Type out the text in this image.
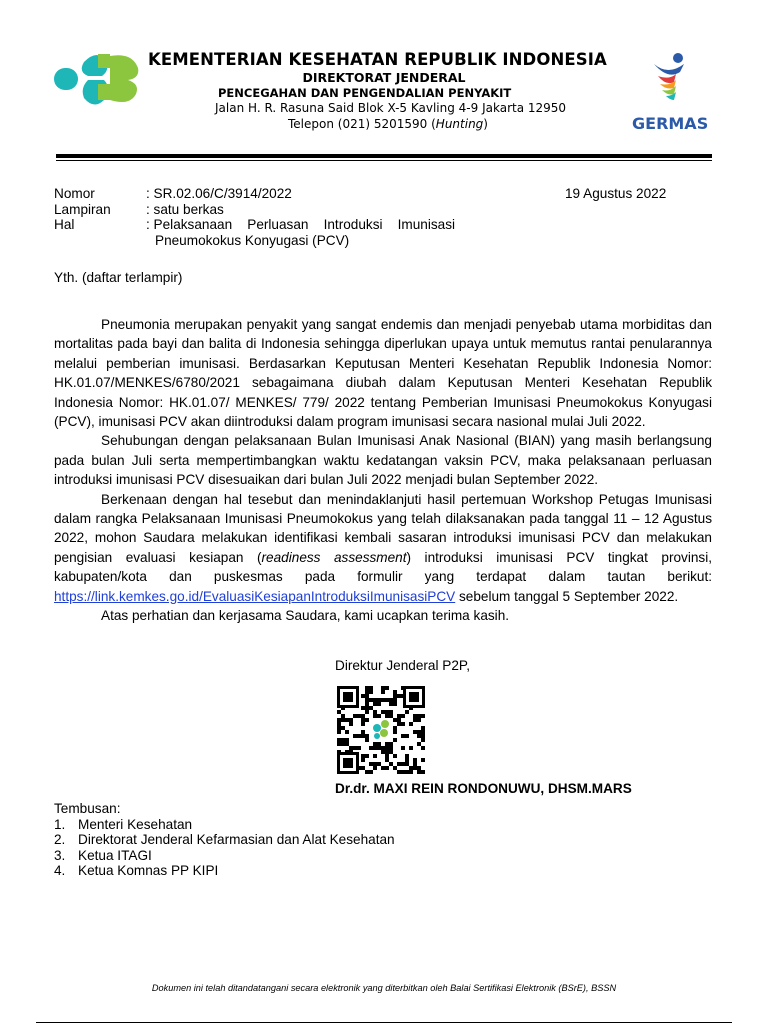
KEMENTERIAN KESEHATAN REPUBLIK INDONESIA
DIREKTORAT JENDERAL
PENCEGAHAN DAN PENGENDALIAN PENYAKIT
Jalan H. R. Rasuna Said Blok X-5 Kavling 4-9 Jakarta 12950
Telepon (021) 5201590 (Hunting)	GERMAS
Nomor	: SR.02.06/C/3914/2022	19 Agustus 2022
Lampiran	: satu berkas
Hal	: Pelaksanaan    Perluasan    Introduksi    Imunisasi
Pneumokokus Konyugasi (PCV)
Yth. (daftar terlampir)

Pneumonia merupakan penyakit yang sangat endemis dan menjadi penyebab utama morbiditas dan mortalitas pada bayi dan balita di Indonesia sehingga diperlukan upaya untuk memutus rantai penularannya melalui pemberian imunisasi. Berdasarkan Keputusan Menteri Kesehatan Republik Indonesia Nomor: HK.01.07/MENKES/6780/2021 sebagaimana diubah dalam Keputusan Menteri Kesehatan Republik Indonesia Nomor: HK.01.07/ MENKES/ 779/ 2022 tentang Pemberian Imunisasi Pneumokokus Konyugasi (PCV), imunisasi PCV akan diintroduksi dalam program imunisasi secara nasional mulai Juli 2022.

Sehubungan dengan pelaksanaan Bulan Imunisasi Anak Nasional (BIAN) yang masih berlangsung pada bulan Juli serta mempertimbangkan waktu kedatangan vaksin PCV, maka pelaksanaan perluasan introduksi imunisasi PCV disesuaikan dari bulan Juli 2022 menjadi bulan September 2022.

Berkenaan dengan hal tesebut dan menindaklanjuti hasil pertemuan Workshop Petugas Imunisasi dalam rangka Pelaksanaan Imunisasi Pneumokokus yang telah dilaksanakan pada tanggal 11 – 12 Agustus 2022, mohon Saudara melakukan identifikasi kembali sasaran introduksi imunisasi PCV dan melakukan pengisian evaluasi kesiapan (readiness assessment) introduksi imunisasi PCV tingkat provinsi, kabupaten/kota dan puskesmas pada formulir yang terdapat dalam tautan berikut: https://link.kemkes.go.id/EvaluasiKesiapanIntroduksiImunisasiPCV sebelum tanggal 5 September 2022.

Atas perhatian dan kerjasama Saudara, kami ucapkan terima kasih.

Direktur Jenderal P2P,
Dr.dr. MAXI REIN RONDONUWU, DHSM.MARS
Tembusan:
1. Menteri Kesehatan
2. Direktorat Jenderal Kefarmasian dan Alat Kesehatan
3. Ketua ITAGI
4. Ketua Komnas PP KIPI
Dokumen ini telah ditandatangani secara elektronik yang diterbitkan oleh Balai Sertifikasi Elektronik (BSrE), BSSN
